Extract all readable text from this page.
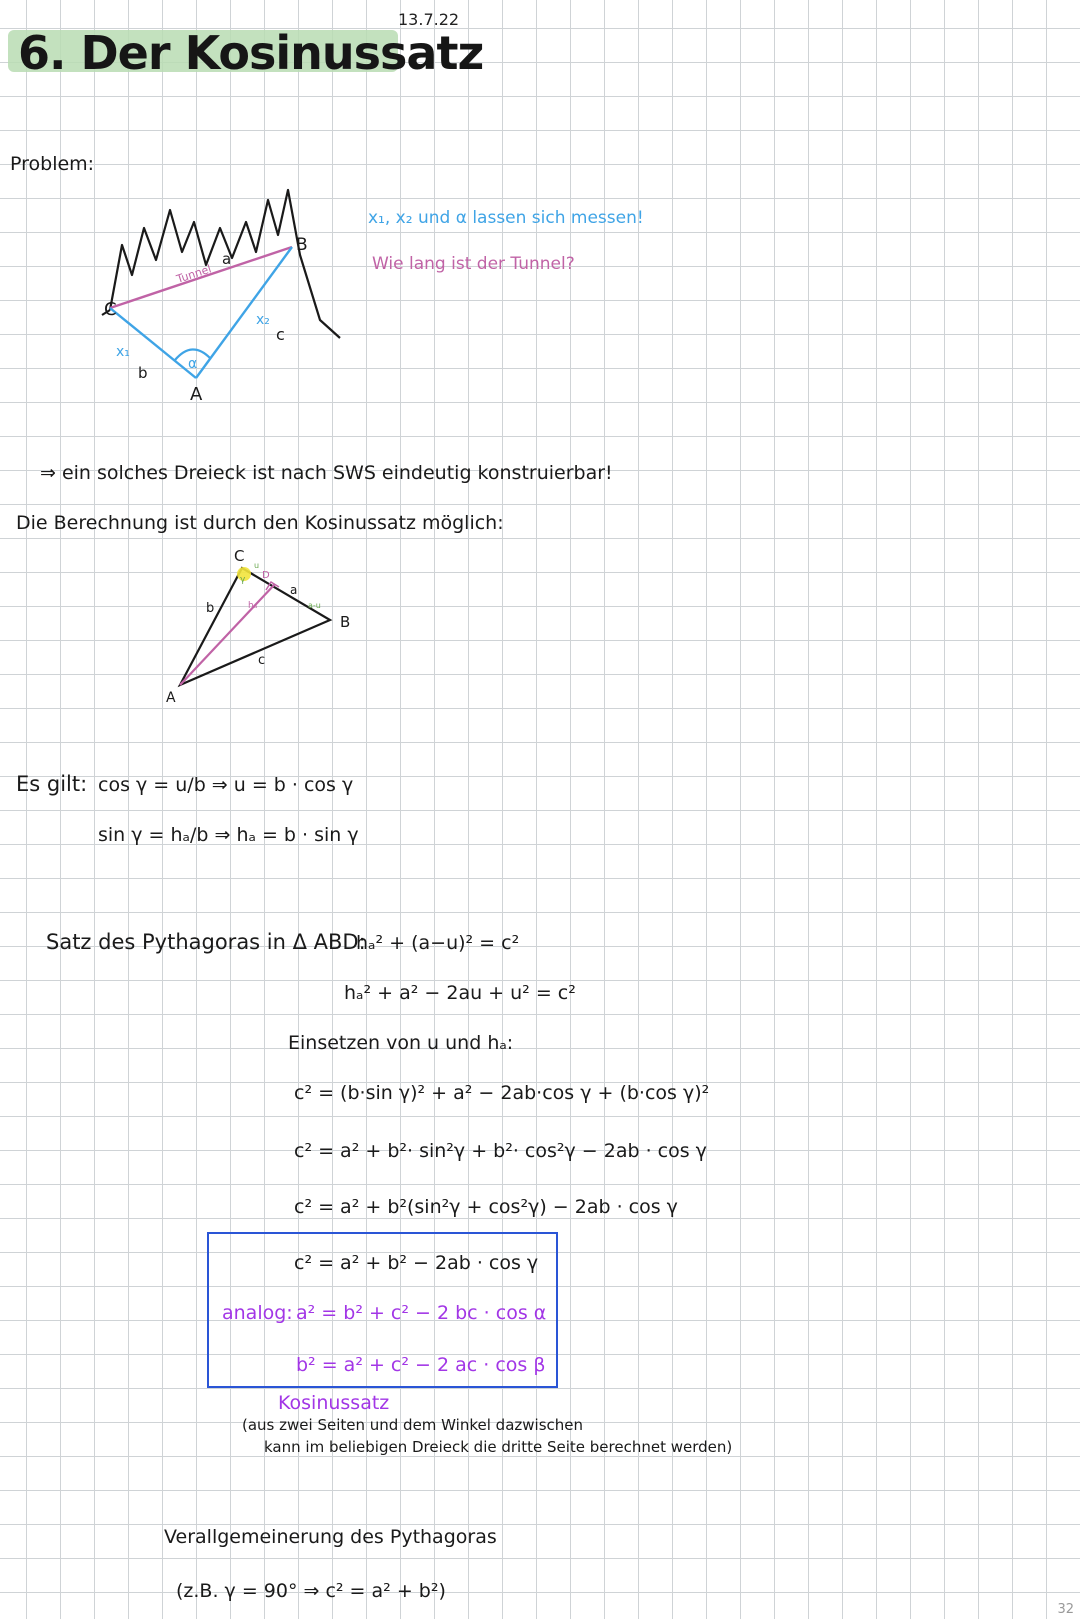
13.7.22
6. Der Kosinussatz
Problem:
C
B
A
Tunnel
a
x₁
b
x₂
c
α
x₁, x₂ und α lassen sich messen!
Wie lang ist der Tunnel?
⇒ ein solches Dreieck ist nach SWS eindeutig konstruierbar!
Die Berechnung ist durch den Kosinussatz möglich:
C
B
A
b
a
c
γ
hₐ
D
u
a-u
Es gilt: cos γ = u/b ⇒ u = b · cos γ
sin γ = hₐ/b ⇒ hₐ = b · sin γ
Satz des Pythagoras in Δ ABD:
hₐ² + (a−u)² = c²
hₐ² + a² − 2au + u² = c²
Einsetzen von u und hₐ:
c² = (b·sin γ)² + a² − 2ab·cos γ + (b·cos γ)²
c² = a² + b²· sin²γ + b²· cos²γ − 2ab · cos γ
c² = a² + b²(sin²γ + cos²γ) − 2ab · cos γ
c² = a² + b² − 2ab · cos γ
analog: a² = b² + c² − 2 bc · cos α
b² = a² + c² − 2 ac · cos β
Kosinussatz
(aus zwei Seiten und dem Winkel dazwischen
kann im beliebigen Dreieck die dritte Seite berechnet werden)
Verallgemeinerung des Pythagoras
(z.B. γ = 90° ⇒ c² = a² + b²)
32
